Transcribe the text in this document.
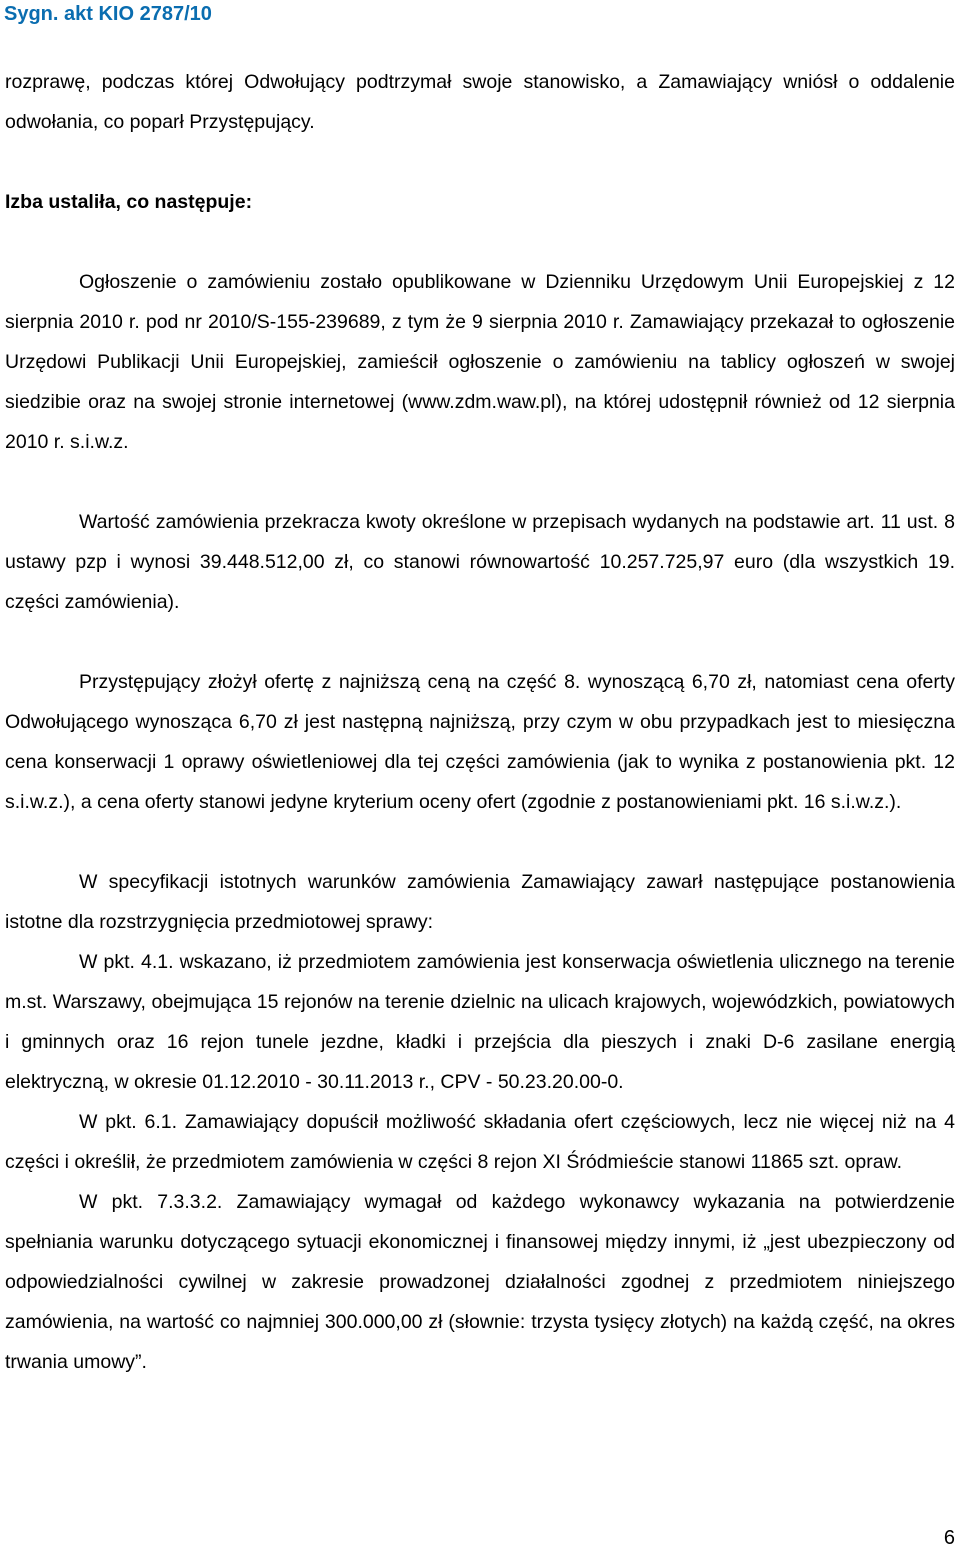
Sygn. akt KIO 2787/10

rozprawę, podczas której Odwołujący podtrzymał swoje stanowisko, a Zamawiający wniósł o oddalenie odwołania, co poparł Przystępujący.

Izba ustaliła, co następuje:

Ogłoszenie o zamówieniu zostało opublikowane w Dzienniku Urzędowym Unii Europejskiej z 12 sierpnia 2010 r. pod nr 2010/S-155-239689, z tym że 9 sierpnia 2010 r. Zamawiający przekazał to ogłoszenie Urzędowi Publikacji Unii Europejskiej, zamieścił ogłoszenie o zamówieniu na tablicy ogłoszeń w swojej siedzibie oraz na swojej stronie internetowej (www.zdm.waw.pl), na której udostępnił również od 12 sierpnia 2010 r. s.i.w.z.

Wartość zamówienia przekracza kwoty określone w przepisach wydanych na podstawie art. 11 ust. 8 ustawy pzp i wynosi 39.448.512,00 zł, co stanowi równowartość 10.257.725,97 euro (dla wszystkich 19. części zamówienia).

Przystępujący złożył ofertę z najniższą ceną na część 8. wynoszącą 6,70 zł, natomiast cena oferty Odwołującego wynosząca 6,70 zł jest następną najniższą, przy czym w obu przypadkach jest to miesięczna cena konserwacji 1 oprawy oświetleniowej dla tej części zamówienia (jak to wynika z postanowienia pkt. 12 s.i.w.z.), a cena oferty stanowi jedyne kryterium oceny ofert (zgodnie z postanowieniami pkt. 16 s.i.w.z.).

W specyfikacji istotnych warunków zamówienia Zamawiający zawarł następujące postanowienia istotne dla rozstrzygnięcia przedmiotowej sprawy:

W pkt. 4.1. wskazano, iż przedmiotem zamówienia jest konserwacja oświetlenia ulicznego na terenie m.st. Warszawy, obejmująca 15 rejonów na terenie dzielnic na ulicach krajowych, wojewódzkich, powiatowych i gminnych oraz 16 rejon tunele jezdne, kładki i przejścia dla pieszych i znaki D-6 zasilane energią elektryczną, w okresie 01.12.2010 - 30.11.2013 r., CPV - 50.23.20.00-0.

W pkt. 6.1. Zamawiający dopuścił możliwość składania ofert częściowych, lecz nie więcej niż na 4 części i określił, że przedmiotem zamówienia w części 8 rejon XI Śródmieście stanowi 11865 szt. opraw.

W pkt. 7.3.3.2. Zamawiający wymagał od każdego wykonawcy wykazania na potwierdzenie spełniania warunku dotyczącego sytuacji ekonomicznej i finansowej między innymi, iż „jest ubezpieczony od odpowiedzialności cywilnej w zakresie prowadzonej działalności zgodnej z przedmiotem niniejszego zamówienia, na wartość co najmniej 300.000,00 zł (słownie: trzysta tysięcy złotych) na każdą część, na okres trwania umowy”.

6
